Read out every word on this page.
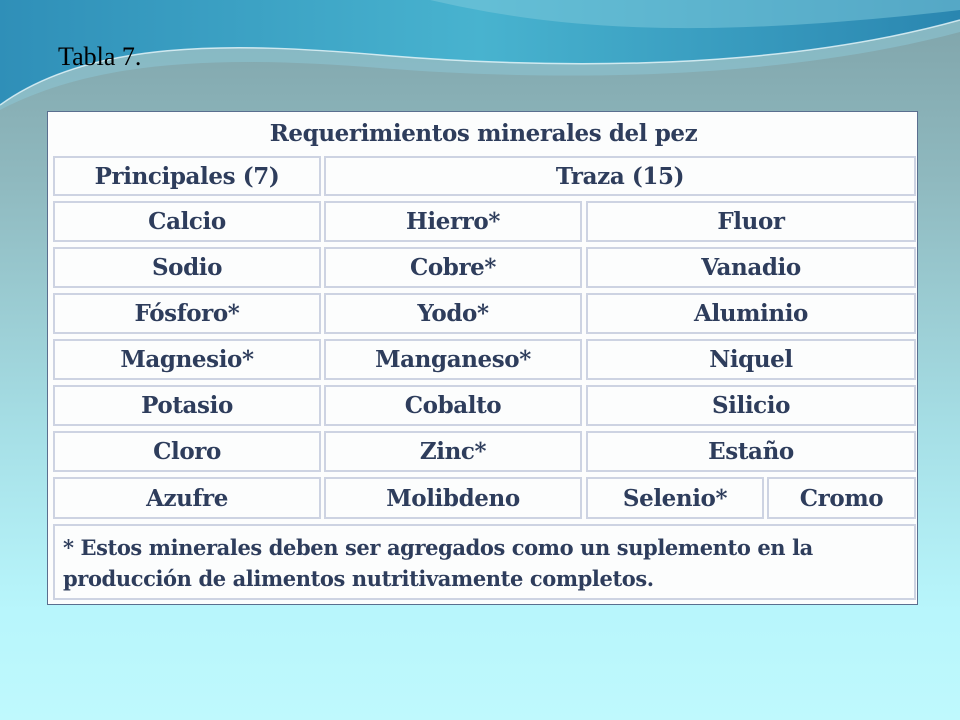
Tabla 7.
Requerimientos minerales del pez
Principales (7)	Traza (15)
Calcio	Hierro*	Fluor
Sodio	Cobre*	Vanadio
Fósforo*	Yodo*	Aluminio
Magnesio*	Manganeso*	Niquel
Potasio	Cobalto	Silicio
Cloro	Zinc*	Estaño
Azufre	Molibdeno	Selenio*	Cromo
* Estos minerales deben ser agregados como un suplemento en la
producción de alimentos nutritivamente completos.
